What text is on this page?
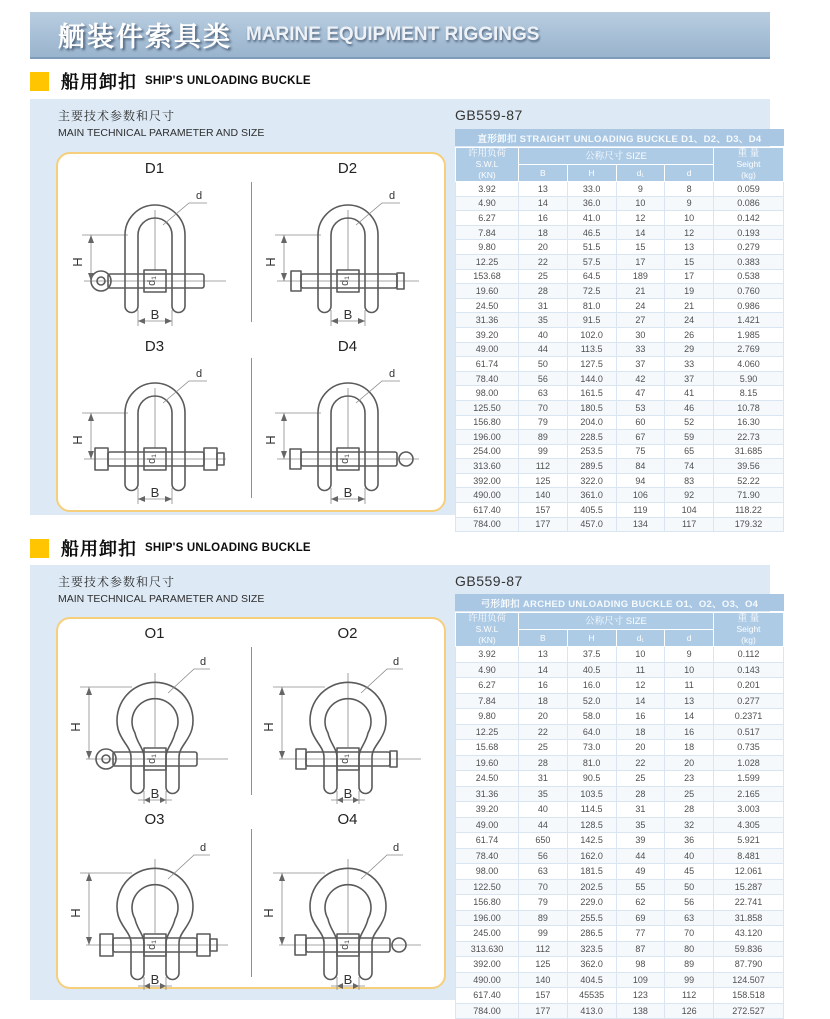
舾装件索具类 MARINE EQUIPMENT RIGGINGS
船用卸扣 SHIP'S UNLOADING BUCKLE
主要技术参数和尺寸
MAIN TECHNICAL PARAMETER AND SIZE
D1
d₁
H
B
d
D2
d₁
H
B
d
D3
d₁
H
B
d
D4
d₁
H
B
d
GB559-87
直形卸扣 STRAIGHT UNLOADING BUCKLE D1、D2、D3、D4
许用负荷
S.W.L
(KN)
	公称尺寸 SIZE	重 量
Seight
(kg)

	B	H	d₁	d	
3.92	13	33.0	9	8	0.059
4.90	14	36.0	10	9	0.086
6.27	16	41.0	12	10	0.142
7.84	18	46.5	14	12	0.193
9.80	20	51.5	15	13	0.279
12.25	22	57.5	17	15	0.383
153.68	25	64.5	189	17	0.538
19.60	28	72.5	21	19	0.760
24.50	31	81.0	24	21	0.986
31.36	35	91.5	27	24	1.421
39.20	40	102.0	30	26	1.985
49.00	44	113.5	33	29	2.769
61.74	50	127.5	37	33	4.060
78.40	56	144.0	42	37	5.90
98.00	63	161.5	47	41	8.15
125.50	70	180.5	53	46	10.78
156.80	79	204.0	60	52	16.30
196.00	89	228.5	67	59	22.73
254.00	99	253.5	75	65	31.685
313.60	112	289.5	84	74	39.56
392.00	125	322.0	94	83	52.22
490.00	140	361.0	106	92	71.90
617.40	157	405.5	119	104	118.22
784.00	177	457.0	134	117	179.32
船用卸扣 SHIP'S UNLOADING BUCKLE
主要技术参数和尺寸
MAIN TECHNICAL PARAMETER AND SIZE
O1
d₁
H
B
d
O2
d₁
H
B
d
O3
d₁
H
B
d
O4
d₁
H
B
d
GB559-87
弓形卸扣 ARCHED UNLOADING BUCKLE O1、O2、O3、O4
许用负荷
S.W.L
(KN)
	公称尺寸 SIZE	重 量
Seight
(kg)

	B	H	d₁	d	
3.92	13	37.5	10	9	0.112
4.90	14	40.5	11	10	0.143
6.27	16	16.0	12	11	0.201
7.84	18	52.0	14	13	0.277
9.80	20	58.0	16	14	0.2371
12.25	22	64.0	18	16	0.517
15.68	25	73.0	20	18	0.735
19.60	28	81.0	22	20	1.028
24.50	31	90.5	25	23	1.599
31.36	35	103.5	28	25	2.165
39.20	40	114.5	31	28	3.003
49.00	44	128.5	35	32	4.305
61.74	650	142.5	39	36	5.921
78.40	56	162.0	44	40	8.481
98.00	63	181.5	49	45	12.061
122.50	70	202.5	55	50	15.287
156.80	79	229.0	62	56	22.741
196.00	89	255.5	69	63	31.858
245.00	99	286.5	77	70	43.120
313.630	112	323.5	87	80	59.836
392.00	125	362.0	98	89	87.790
490.00	140	404.5	109	99	124.507
617.40	157	45535	123	112	158.518
784.00	177	413.0	138	126	272.527
